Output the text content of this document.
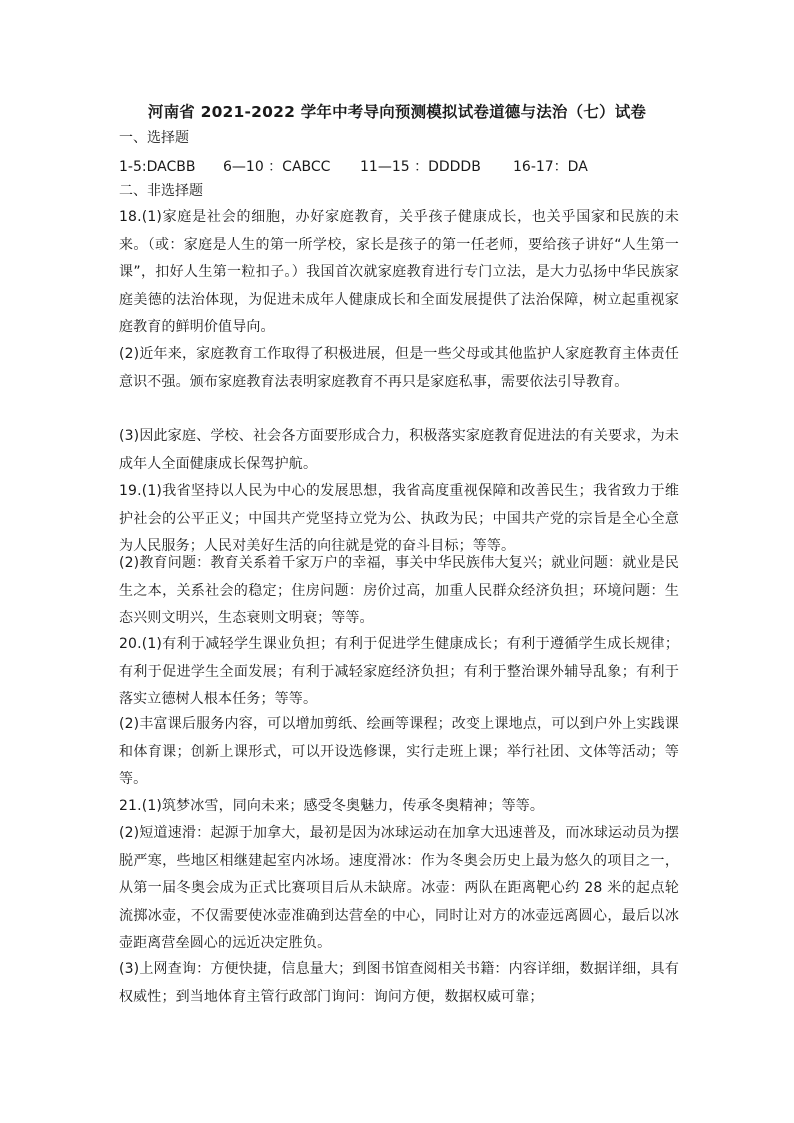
河南省 2021-2022 学年中考导向预测模拟试卷道德与法治（七）试卷
一、选择题
1-5:DACBB 6—10 ：CABCC 11—15 ：DDDDB 16-17：DA
二、非选择题
18.(1)家庭是社会的细胞，办好家庭教育，关乎孩子健康成长，也关乎国家和民族的未来。（或：家庭是人生的第一所学校，家长是孩子的第一任老师，要给孩子讲好“人生第一课”，扣好人生第一粒扣子。）我国首次就家庭教育进行专门立法，是大力弘扬中华民族家庭美德的法治体现，为促进未成年人健康成长和全面发展提供了法治保障，树立起重视家庭教育的鲜明价值导向。
(2)近年来，家庭教育工作取得了积极进展，但是一些父母或其他监护人家庭教育主体责任意识不强。颁布家庭教育法表明家庭教育不再只是家庭私事，需要依法引导教育。
(3)因此家庭、学校、社会各方面要形成合力，积极落实家庭教育促进法的有关要求，为未成年人全面健康成长保驾护航。
19.(1)我省坚持以人民为中心的发展思想，我省高度重视保障和改善民生；我省致力于维护社会的公平正义；中国共产党坚持立党为公、执政为民；中国共产党的宗旨是全心全意为人民服务；人民对美好生活的向往就是党的奋斗目标；等等。
(2)教育问题：教育关系着千家万户的幸福，事关中华民族伟大复兴；就业问题：就业是民生之本，关系社会的稳定；住房问题：房价过高，加重人民群众经济负担；环境问题：生态兴则文明兴，生态衰则文明衰；等等。
20.(1)有利于减轻学生课业负担；有利于促进学生健康成长；有利于遵循学生成长规律；有利于促进学生全面发展；有利于减轻家庭经济负担；有利于整治课外辅导乱象；有利于落实立德树人根本任务；等等。
(2)丰富课后服务内容，可以增加剪纸、绘画等课程；改变上课地点，可以到户外上实践课和体育课；创新上课形式，可以开设选修课，实行走班上课；举行社团、文体等活动；等等。
21.(1)筑梦冰雪，同向未来；感受冬奥魅力，传承冬奥精神；等等。
(2)短道速滑：起源于加拿大，最初是因为冰球运动在加拿大迅速普及，而冰球运动员为摆脱严寒，些地区相继建起室内冰场。速度滑冰：作为冬奥会历史上最为悠久的项目之一，从第一届冬奥会成为正式比赛项目后从未缺席。冰壶：两队在距离靶心约 28 米的起点轮流掷冰壶，不仅需要使冰壶准确到达营垒的中心，同时让对方的冰壶远离圆心，最后以冰壶距离营垒圆心的远近决定胜负。
(3)上网查询：方便快捷，信息量大；到图书馆查阅相关书籍：内容详细，数据详细，具有权威性；到当地体育主管行政部门询问：询问方便，数据权威可靠；
